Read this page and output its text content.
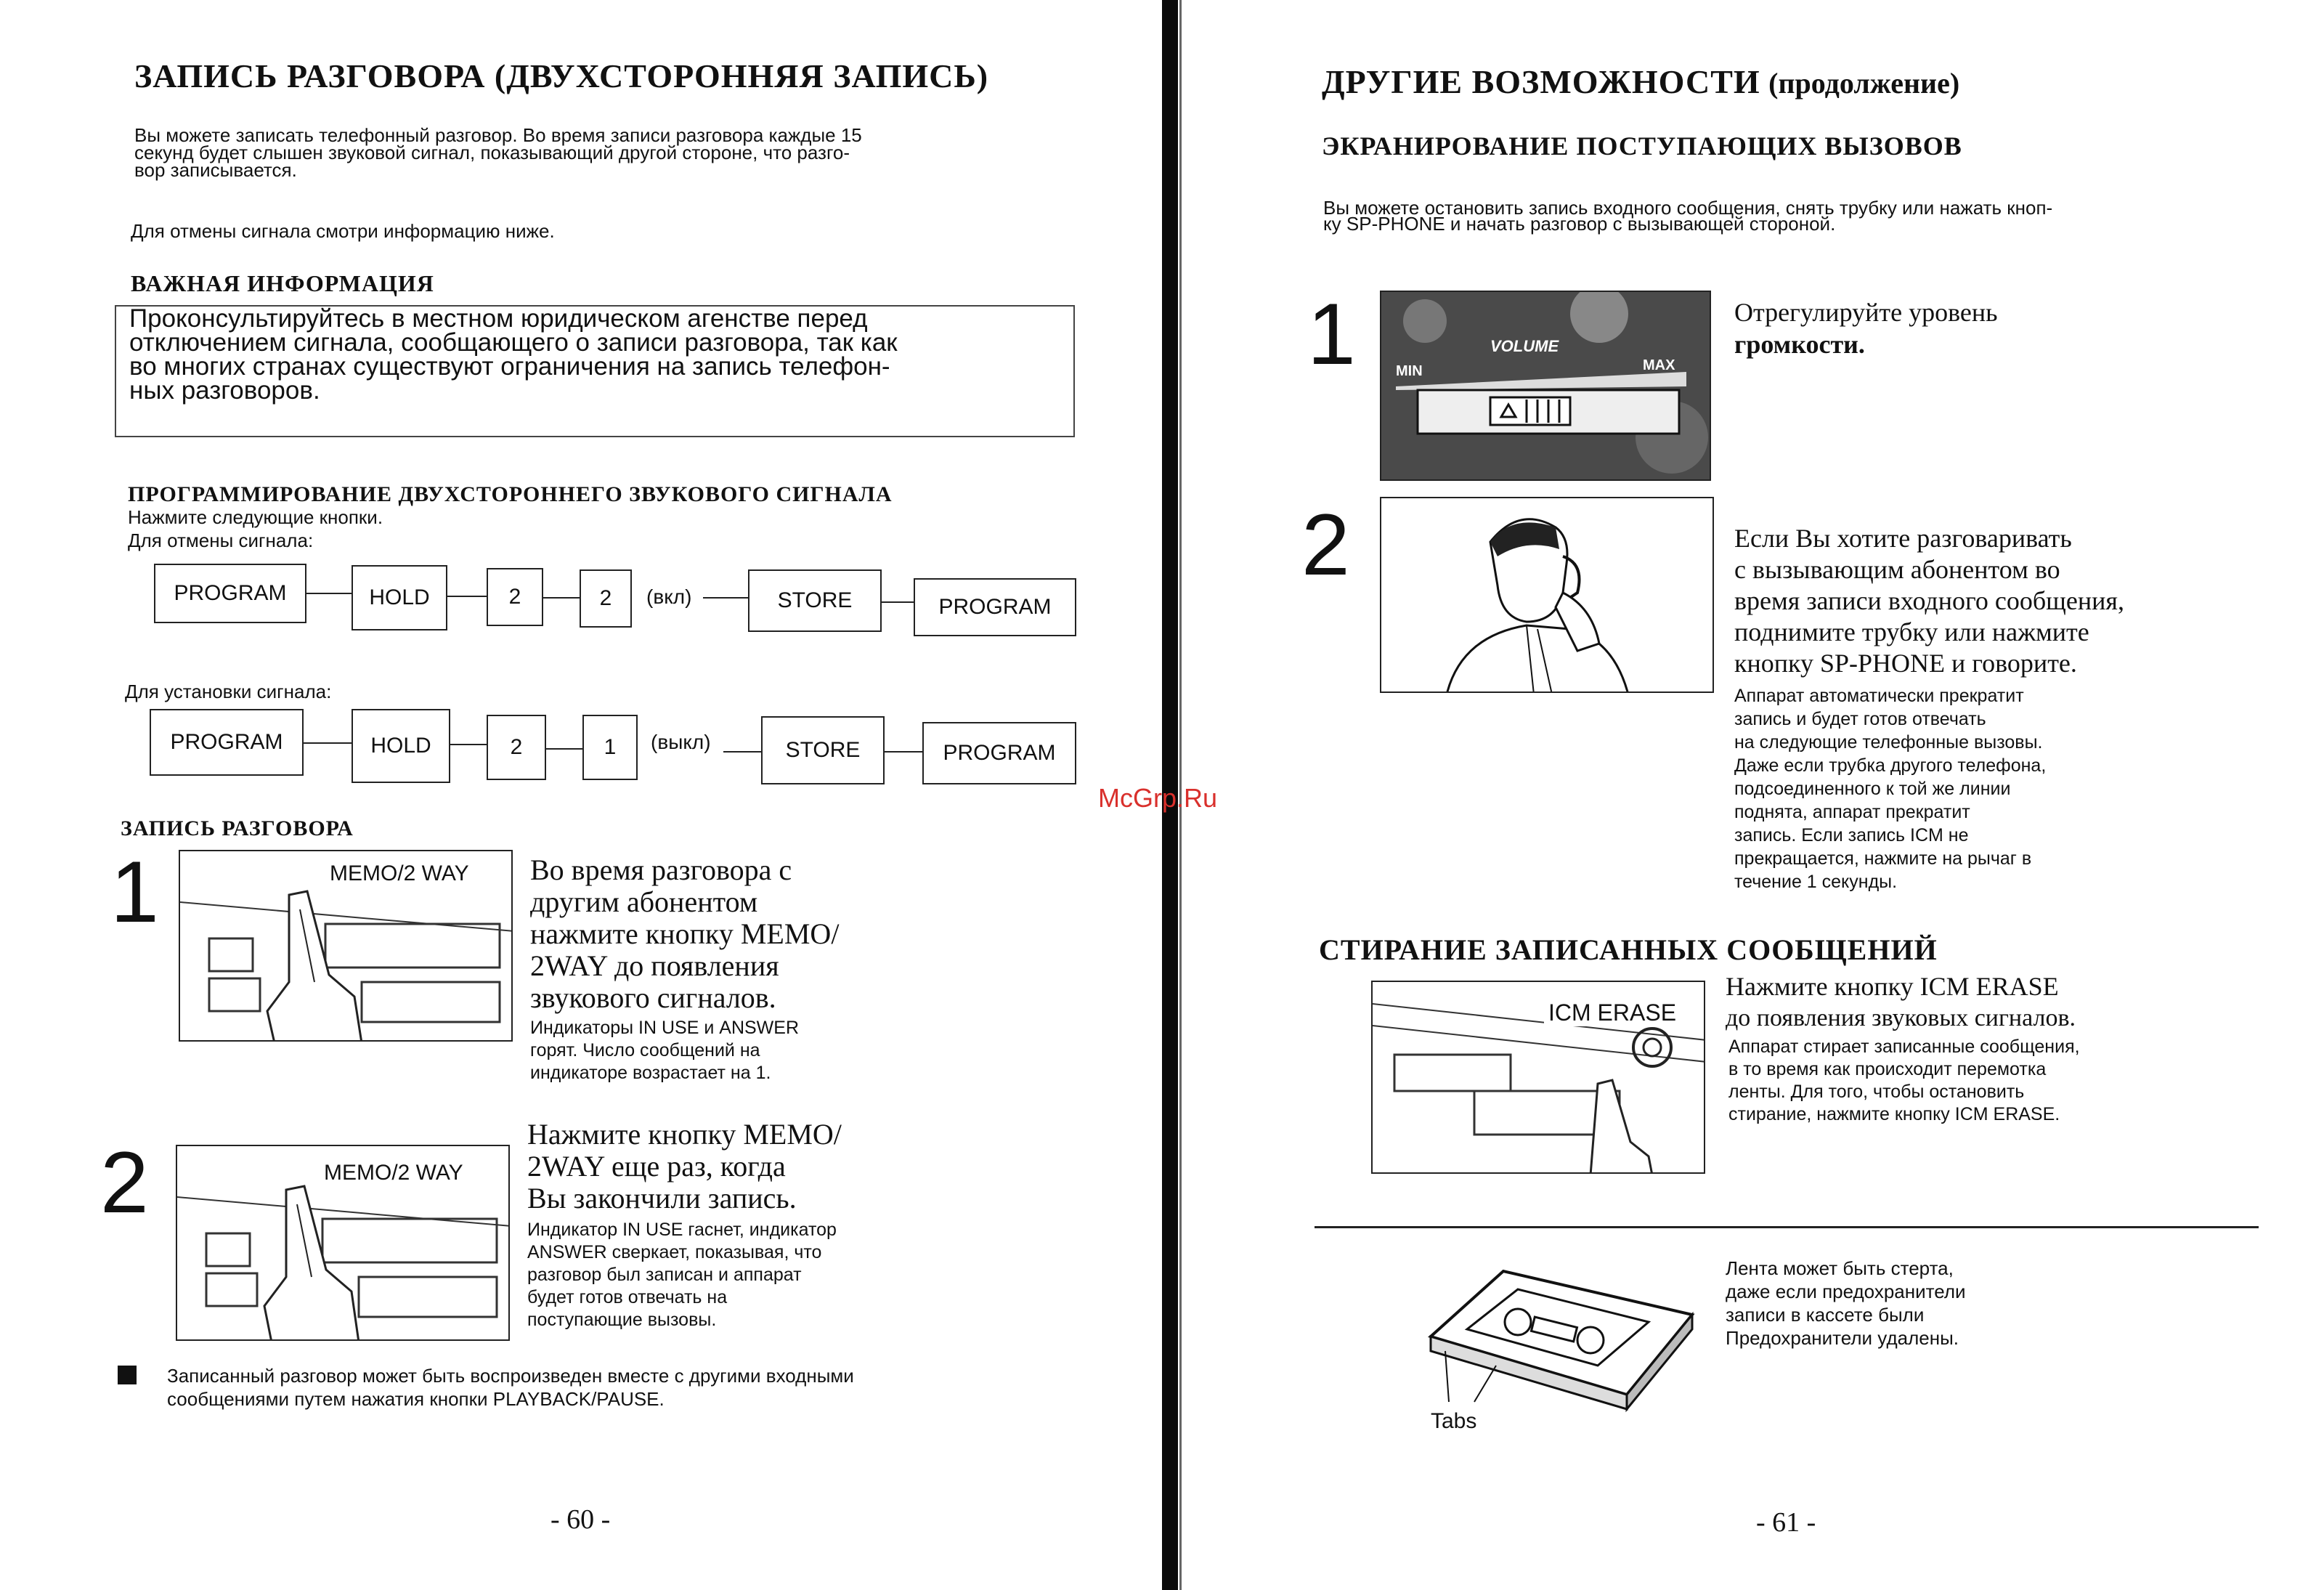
ЗАПИСЬ РАЗГОВОРА (ДВУХСТОРОННЯЯ ЗАПИСЬ)
Вы можете записать телефонный разговор. Во время записи разговора каждые 15
секунд будет слышен звуковой сигнал, показывающий другой стороне, что разго-
вор записывается.
Для отмены сигнала смотри информацию ниже.
ВАЖНАЯ ИНФОРМАЦИЯ
Проконсультируйтесь в местном юридическом агенстве перед
отключением сигнала, сообщающего о записи разговора, так как
во многих странах существуют ограничения на запись телефон-
ных разговоров.
ПРОГРАММИРОВАНИЕ ДВУХСТОРОННЕГО ЗВУКОВОГО СИГНАЛА
Нажмите следующие кнопки.
Для отмены сигнала:
PROGRAM	HOLD	2	2	(вкл)	STORE	PROGRAM
Для установки сигнала:
PROGRAM	HOLD	2	1	(выкл)	STORE	PROGRAM
ЗАПИСЬ РАЗГОВОРА
1	MEMO/2 WAY Во время разговора с
другим абонентом
нажмите кнопку MEMO/
2WAY до появления
звукового сигналов.
Индикаторы IN USE и ANSWER
горят. Число сообщений на
индикаторе возрастает на 1.
2	MEMO/2 WAY
Нажмите кнопку MEMO/
2WAY еще раз, когда
Вы закончили запись.
Индикатор IN USE гаснет, индикатор
ANSWER сверкает, показывая, что
разговор был записан и аппарат
будет готов отвечать на
поступающие вызовы.
Записанный разговор может быть воспроизведен вместе с другими входными
сообщениями путем нажатия кнопки PLAYBACK/PAUSE.
- 60 -
ДРУГИЕ ВОЗМОЖНОСТИ (продолжение)
ЭКРАНИРОВАНИЕ ПОСТУПАЮЩИХ ВЫЗОВОВ
Вы можете остановить запись входного сообщения, снять трубку или нажать кноп-
ку SP-PHONE и начать разговор с вызывающей стороной.
1	VOLUME
MIN	MAX
Отрегулируйте уровень
громкости.
2	Если Вы хотите разговаривать
с вызывающим абонентом во
время записи входного сообщения,
поднимите трубку или нажмите
кнопку SP-PHONE и говорите.
Аппарат автоматически прекратит
запись и будет готов отвечать
на следующие телефонные вызовы.
Даже если трубка другого телефона,
подсоединенного к той же линии
поднята, аппарат прекратит
запись. Если запись ICM не
прекращается, нажмите на рычаг в
течение 1 секунды.
СТИРАНИЕ ЗАПИСАННЫХ СООБЩЕНИЙ
ICM ERASE
Нажмите кнопку ICM ERASE
до появления звуковых сигналов.
Аппарат стирает записанные сообщения,
в то время как происходит перемотка
ленты. Для того, чтобы остановить
стирание, нажмите кнопку ICM ERASE.
Tabs
Лента может быть стерта,
даже если предохранители
записи в кассете были
Предохранители удалены.
- 61 -
McGrp.Ru
